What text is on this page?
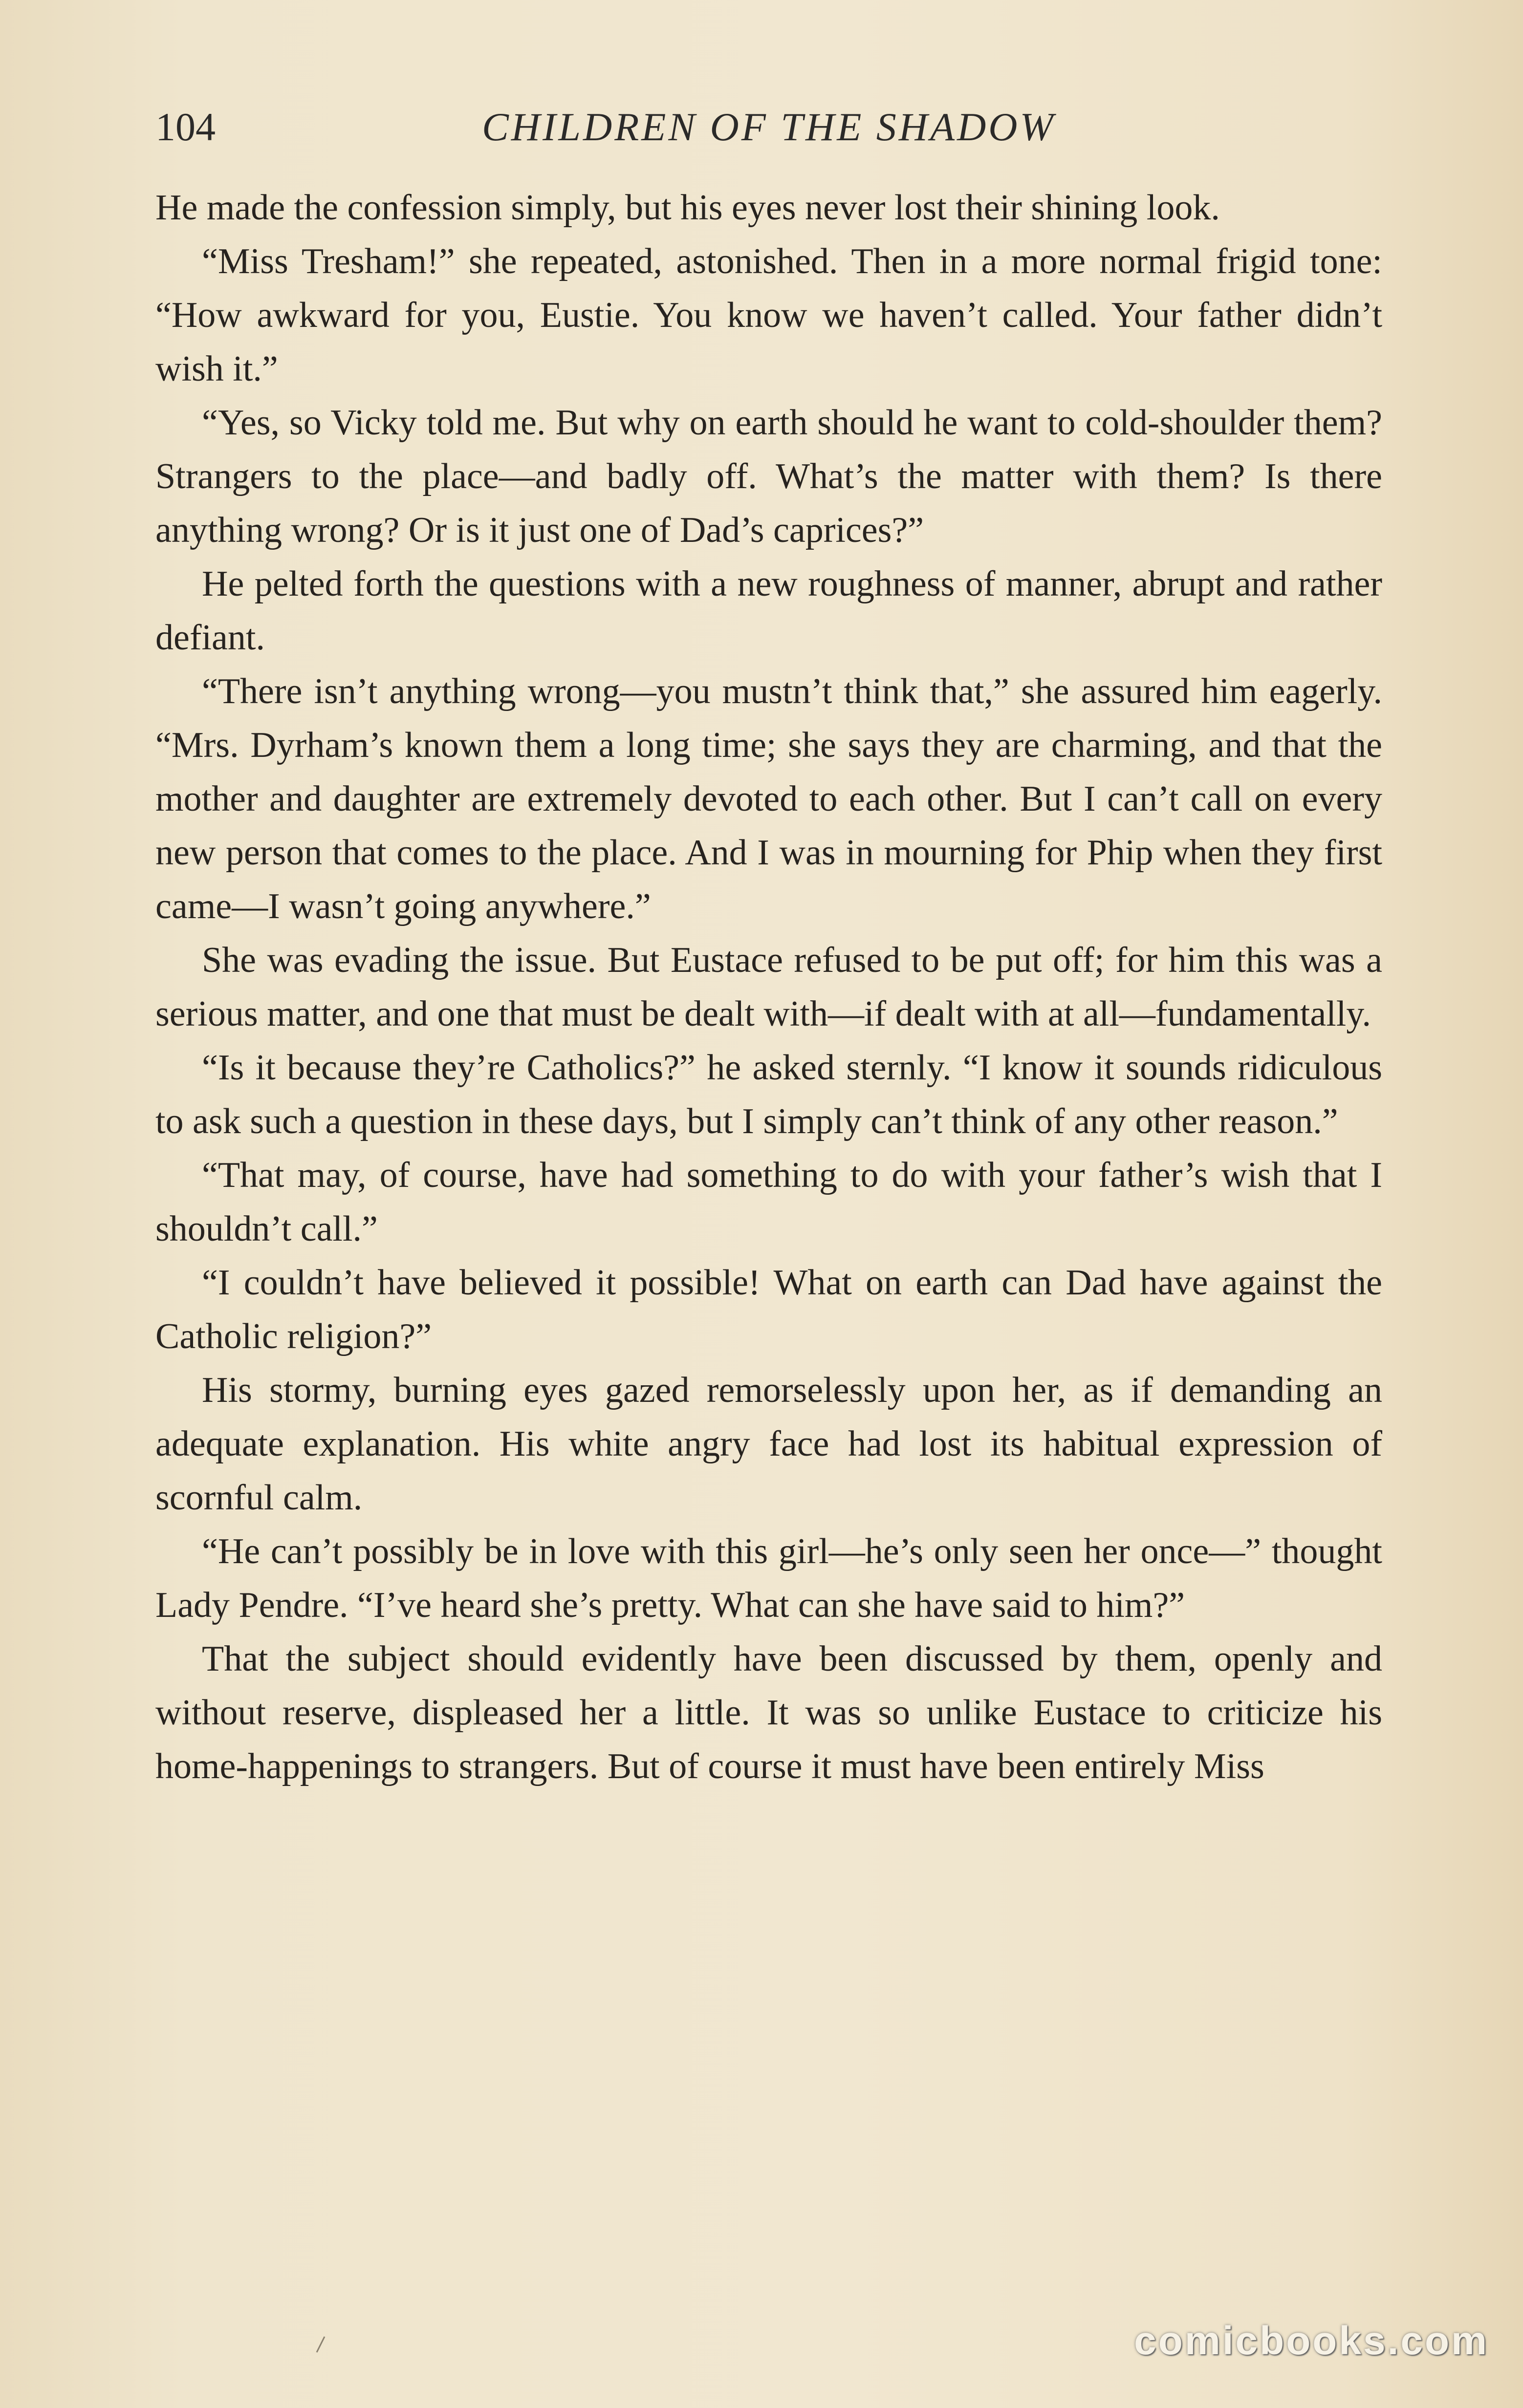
104	CHILDREN OF THE SHADOW

He made the confession simply, but his eyes never lost their shining look.

“Miss Tresham!” she repeated, astonished. Then in a more normal frigid tone: “How awkward for you, Eustie. You know we haven’t called. Your father didn’t wish it.”

“Yes, so Vicky told me. But why on earth should he want to cold-shoulder them? Strangers to the place—and badly off. What’s the matter with them? Is there anything wrong? Or is it just one of Dad’s caprices?”

He pelted forth the questions with a new roughness of manner, abrupt and rather defiant.

“There isn’t anything wrong—you mustn’t think that,” she assured him eagerly. “Mrs. Dyrham’s known them a long time; she says they are charming, and that the mother and daughter are extremely devoted to each other. But I can’t call on every new person that comes to the place. And I was in mourning for Phip when they first came—I wasn’t going anywhere.”

She was evading the issue. But Eustace refused to be put off; for him this was a serious matter, and one that must be dealt with—if dealt with at all—fundamentally.

“Is it because they’re Catholics?” he asked sternly. “I know it sounds ridiculous to ask such a question in these days, but I simply can’t think of any other reason.”

“That may, of course, have had something to do with your father’s wish that I shouldn’t call.”

“I couldn’t have believed it possible! What on earth can Dad have against the Catholic religion?”

His stormy, burning eyes gazed remorselessly upon her, as if demanding an adequate explanation. His white angry face had lost its habitual expression of scornful calm.

“He can’t possibly be in love with this girl—he’s only seen her once—” thought Lady Pendre. “I’ve heard she’s pretty. What can she have said to him?”

That the subject should evidently have been discussed by them, openly and without reserve, displeased her a little. It was so unlike Eustace to criticize his home-happenings to strangers. But of course it must have been entirely Miss

comicbooks.com
